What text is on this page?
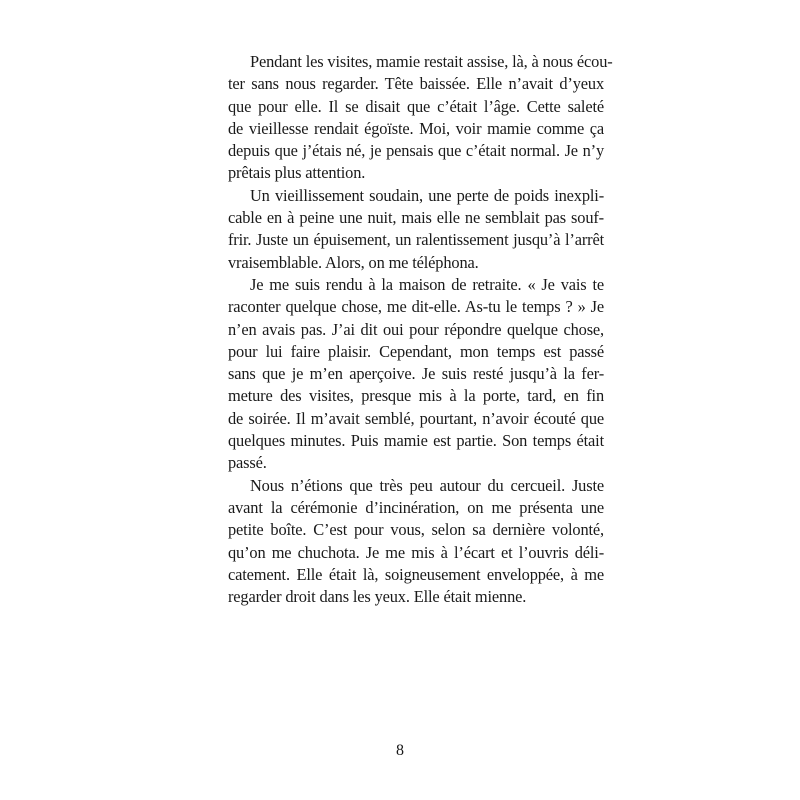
Pendant les visites, mamie restait assise, là, à nous écou-
ter sans nous regarder. Tête baissée. Elle n’avait d’yeux
que pour elle. Il se disait que c’était l’âge. Cette saleté
de vieillesse rendait égoïste. Moi, voir mamie comme ça
depuis que j’étais né, je pensais que c’était normal. Je n’y
prêtais plus attention.
Un vieillissement soudain, une perte de poids inexpli-
cable en à peine une nuit, mais elle ne semblait pas souf-
frir. Juste un épuisement, un ralentissement jusqu’à l’arrêt
vraisemblable. Alors, on me téléphona.
Je me suis rendu à la maison de retraite. « Je vais te
raconter quelque chose, me dit-elle. As-tu le temps ? » Je
n’en avais pas. J’ai dit oui pour répondre quelque chose,
pour lui faire plaisir. Cependant, mon temps est passé
sans que je m’en aperçoive. Je suis resté jusqu’à la fer-
meture des visites, presque mis à la porte, tard, en fin
de soirée. Il m’avait semblé, pourtant, n’avoir écouté que
quelques minutes. Puis mamie est partie. Son temps était
passé.
Nous n’étions que très peu autour du cercueil. Juste
avant la cérémonie d’incinération, on me présenta une
petite boîte. C’est pour vous, selon sa dernière volonté,
qu’on me chuchota. Je me mis à l’écart et l’ouvris déli-
catement. Elle était là, soigneusement enveloppée, à me
regarder droit dans les yeux. Elle était mienne.
8
